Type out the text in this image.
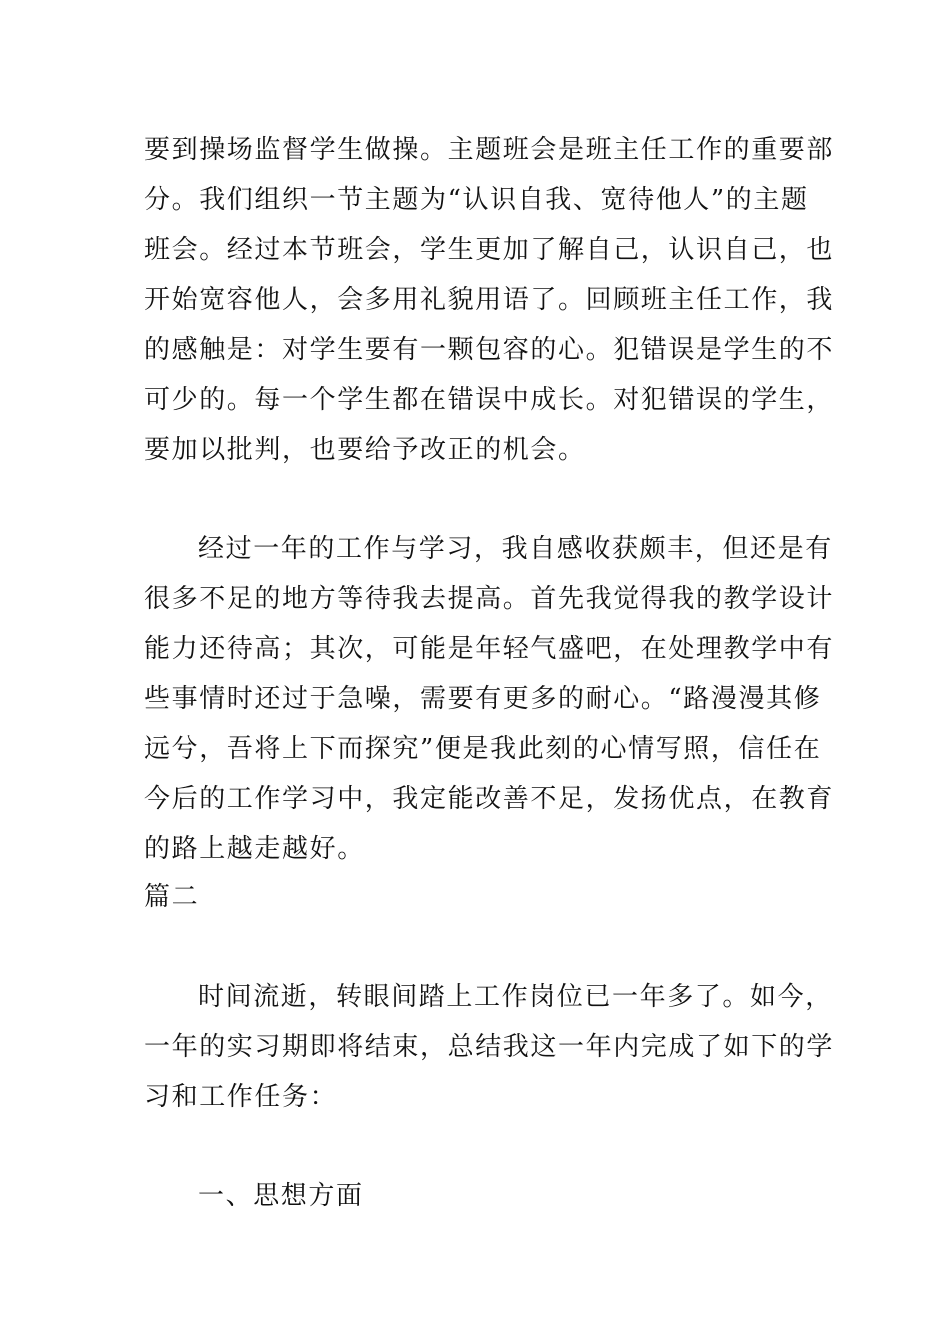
要到操场监督学生做操。主题班会是班主任工作的重要部
分。我们组织一节主题为“认识自我、宽待他人”的主题
班会。经过本节班会，学生更加了解自己，认识自己，也
开始宽容他人，会多用礼貌用语了。回顾班主任工作，我
的感触是：对学生要有一颗包容的心。犯错误是学生的不
可少的。每一个学生都在错误中成长。对犯错误的学生，
要加以批判，也要给予改正的机会。
经过一年的工作与学习，我自感收获颇丰，但还是有
很多不足的地方等待我去提高。首先我觉得我的教学设计
能力还待高；其次，可能是年轻气盛吧，在处理教学中有
些事情时还过于急噪，需要有更多的耐心。“路漫漫其修
远兮，吾将上下而探究”便是我此刻的心情写照，信任在
今后的工作学习中，我定能改善不足，发扬优点，在教育
的路上越走越好。
篇二
时间流逝，转眼间踏上工作岗位已一年多了。如今，
一年的实习期即将结束，总结我这一年内完成了如下的学
习和工作任务：
一、思想方面
